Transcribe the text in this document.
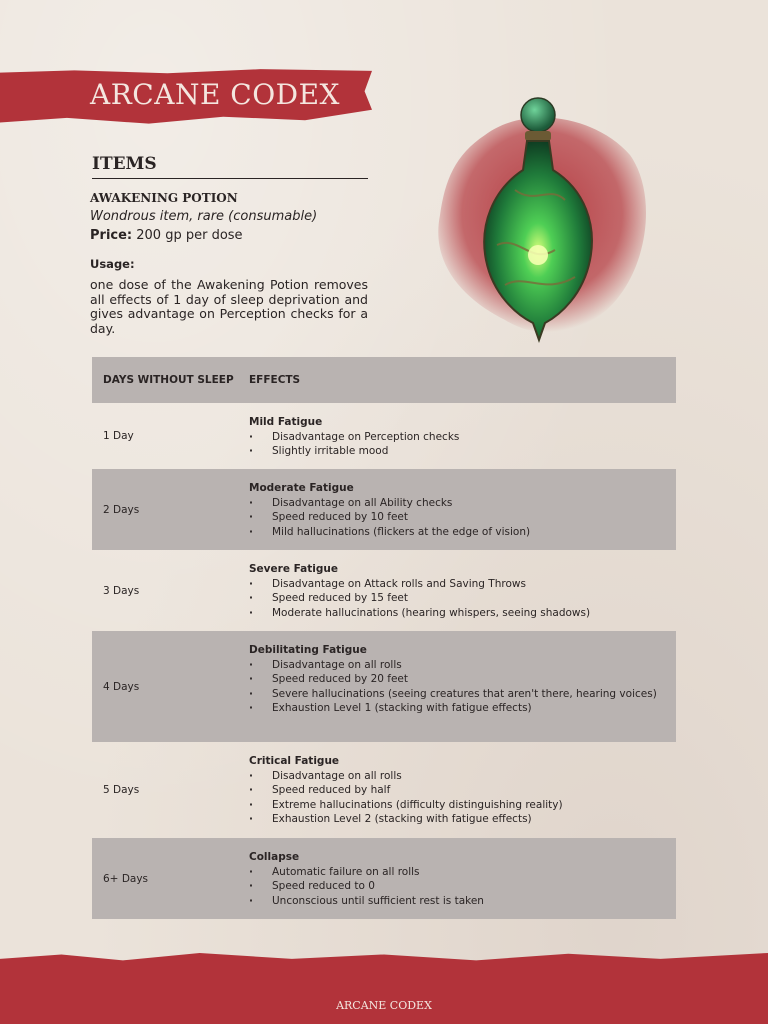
ARCANE CODEX
ITEMS
AWAKENING POTION
Wondrous item, rare (consumable)
Price: 200 gp per dose
Usage:
one dose of the Awakening Potion removes all effects of 1 day of sleep deprivation and gives advantage on Perception checks for a day.
DAYS WITHOUT SLEEP EFFECTS
1 Day
Mild Fatigue
· Disadvantage on Perception checks
· Slightly irritable mood
2 Days
Moderate Fatigue
· Disadvantage on all Ability checks
· Speed reduced by 10 feet
· Mild hallucinations (flickers at the edge of vision)
3 Days
Severe Fatigue
· Disadvantage on Attack rolls and Saving Throws
· Speed reduced by 15 feet
· Moderate hallucinations (hearing whispers, seeing shadows)
4 Days
Debilitating Fatigue
· Disadvantage on all rolls
· Speed reduced by 20 feet
· Severe hallucinations (seeing creatures that aren't there, hearing voices)
· Exhaustion Level 1 (stacking with fatigue effects)
5 Days
Critical Fatigue
· Disadvantage on all rolls
· Speed reduced by half
· Extreme hallucinations (difficulty distinguishing reality)
· Exhaustion Level 2 (stacking with fatigue effects)
6+ Days
Collapse
· Automatic failure on all rolls
· Speed reduced to 0
· Unconscious until sufficient rest is taken
ARCANE CODEX
